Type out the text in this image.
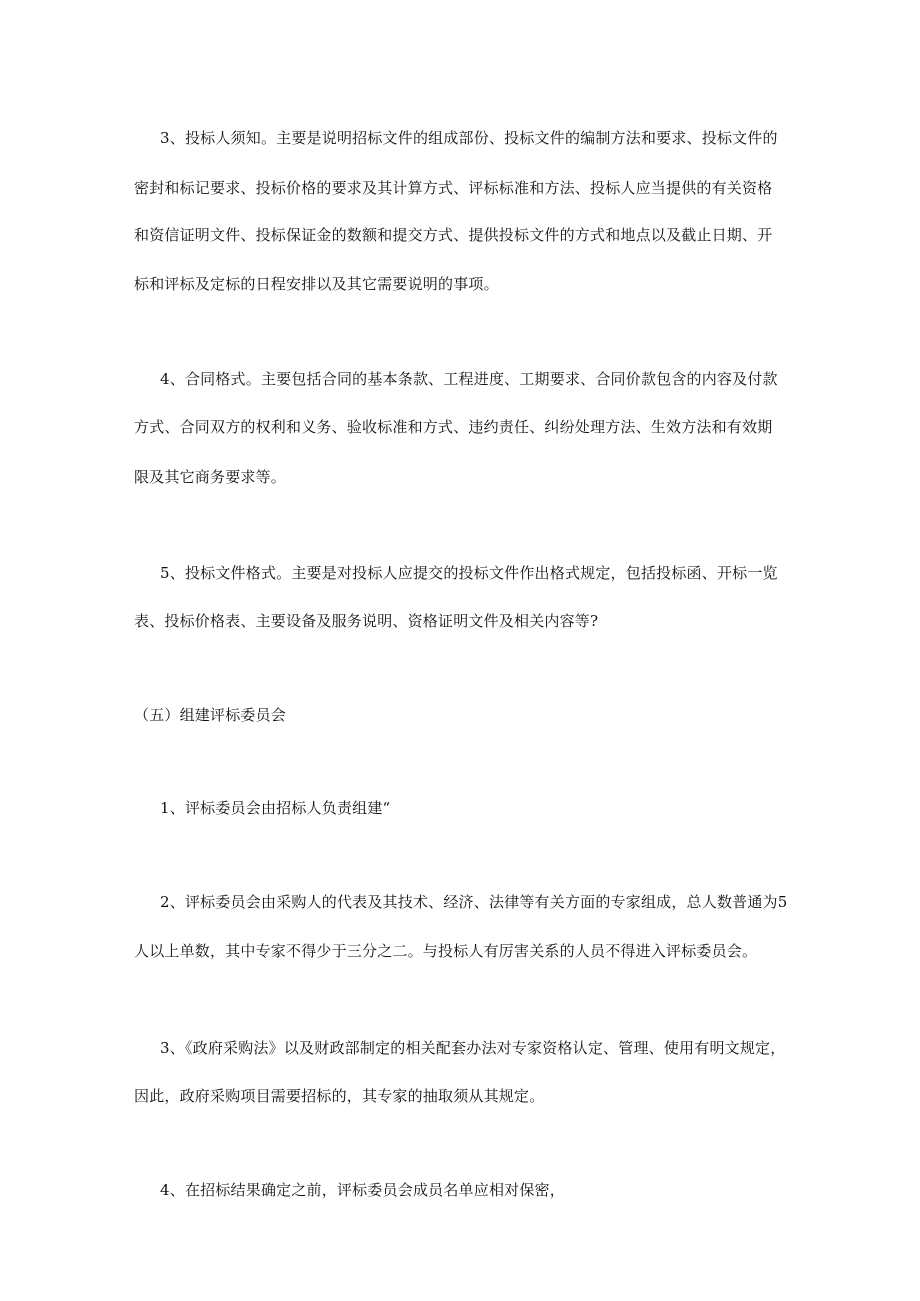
3、投标人须知。主要是说明招标文件的组成部份、投标文件的编制方法和要求、投标文件的
密封和标记要求、投标价格的要求及其计算方式、评标标准和方法、投标人应当提供的有关资格
和资信证明文件、投标保证金的数额和提交方式、提供投标文件的方式和地点以及截止日期、开
标和评标及定标的日程安排以及其它需要说明的事项。
4、合同格式。主要包括合同的基本条款、工程进度、工期要求、合同价款包含的内容及付款
方式、合同双方的权利和义务、验收标准和方式、违约责任、纠纷处理方法、生效方法和有效期
限及其它商务要求等。
5、投标文件格式。主要是对投标人应提交的投标文件作出格式规定，包括投标函、开标一览
表、投标价格表、主要设备及服务说明、资格证明文件及相关内容等?
（五）组建评标委员会
1、评标委员会由招标人负责组建“
2、评标委员会由采购人的代表及其技术、经济、法律等有关方面的专家组成，总人数普通为5
人以上单数，其中专家不得少于三分之二。与投标人有厉害关系的人员不得进入评标委员会。
3、《政府采购法》以及财政部制定的相关配套办法对专家资格认定、管理、使用有明文规定，
因此，政府采购项目需要招标的，其专家的抽取须从其规定。
4、在招标结果确定之前，评标委员会成员名单应相对保密，
